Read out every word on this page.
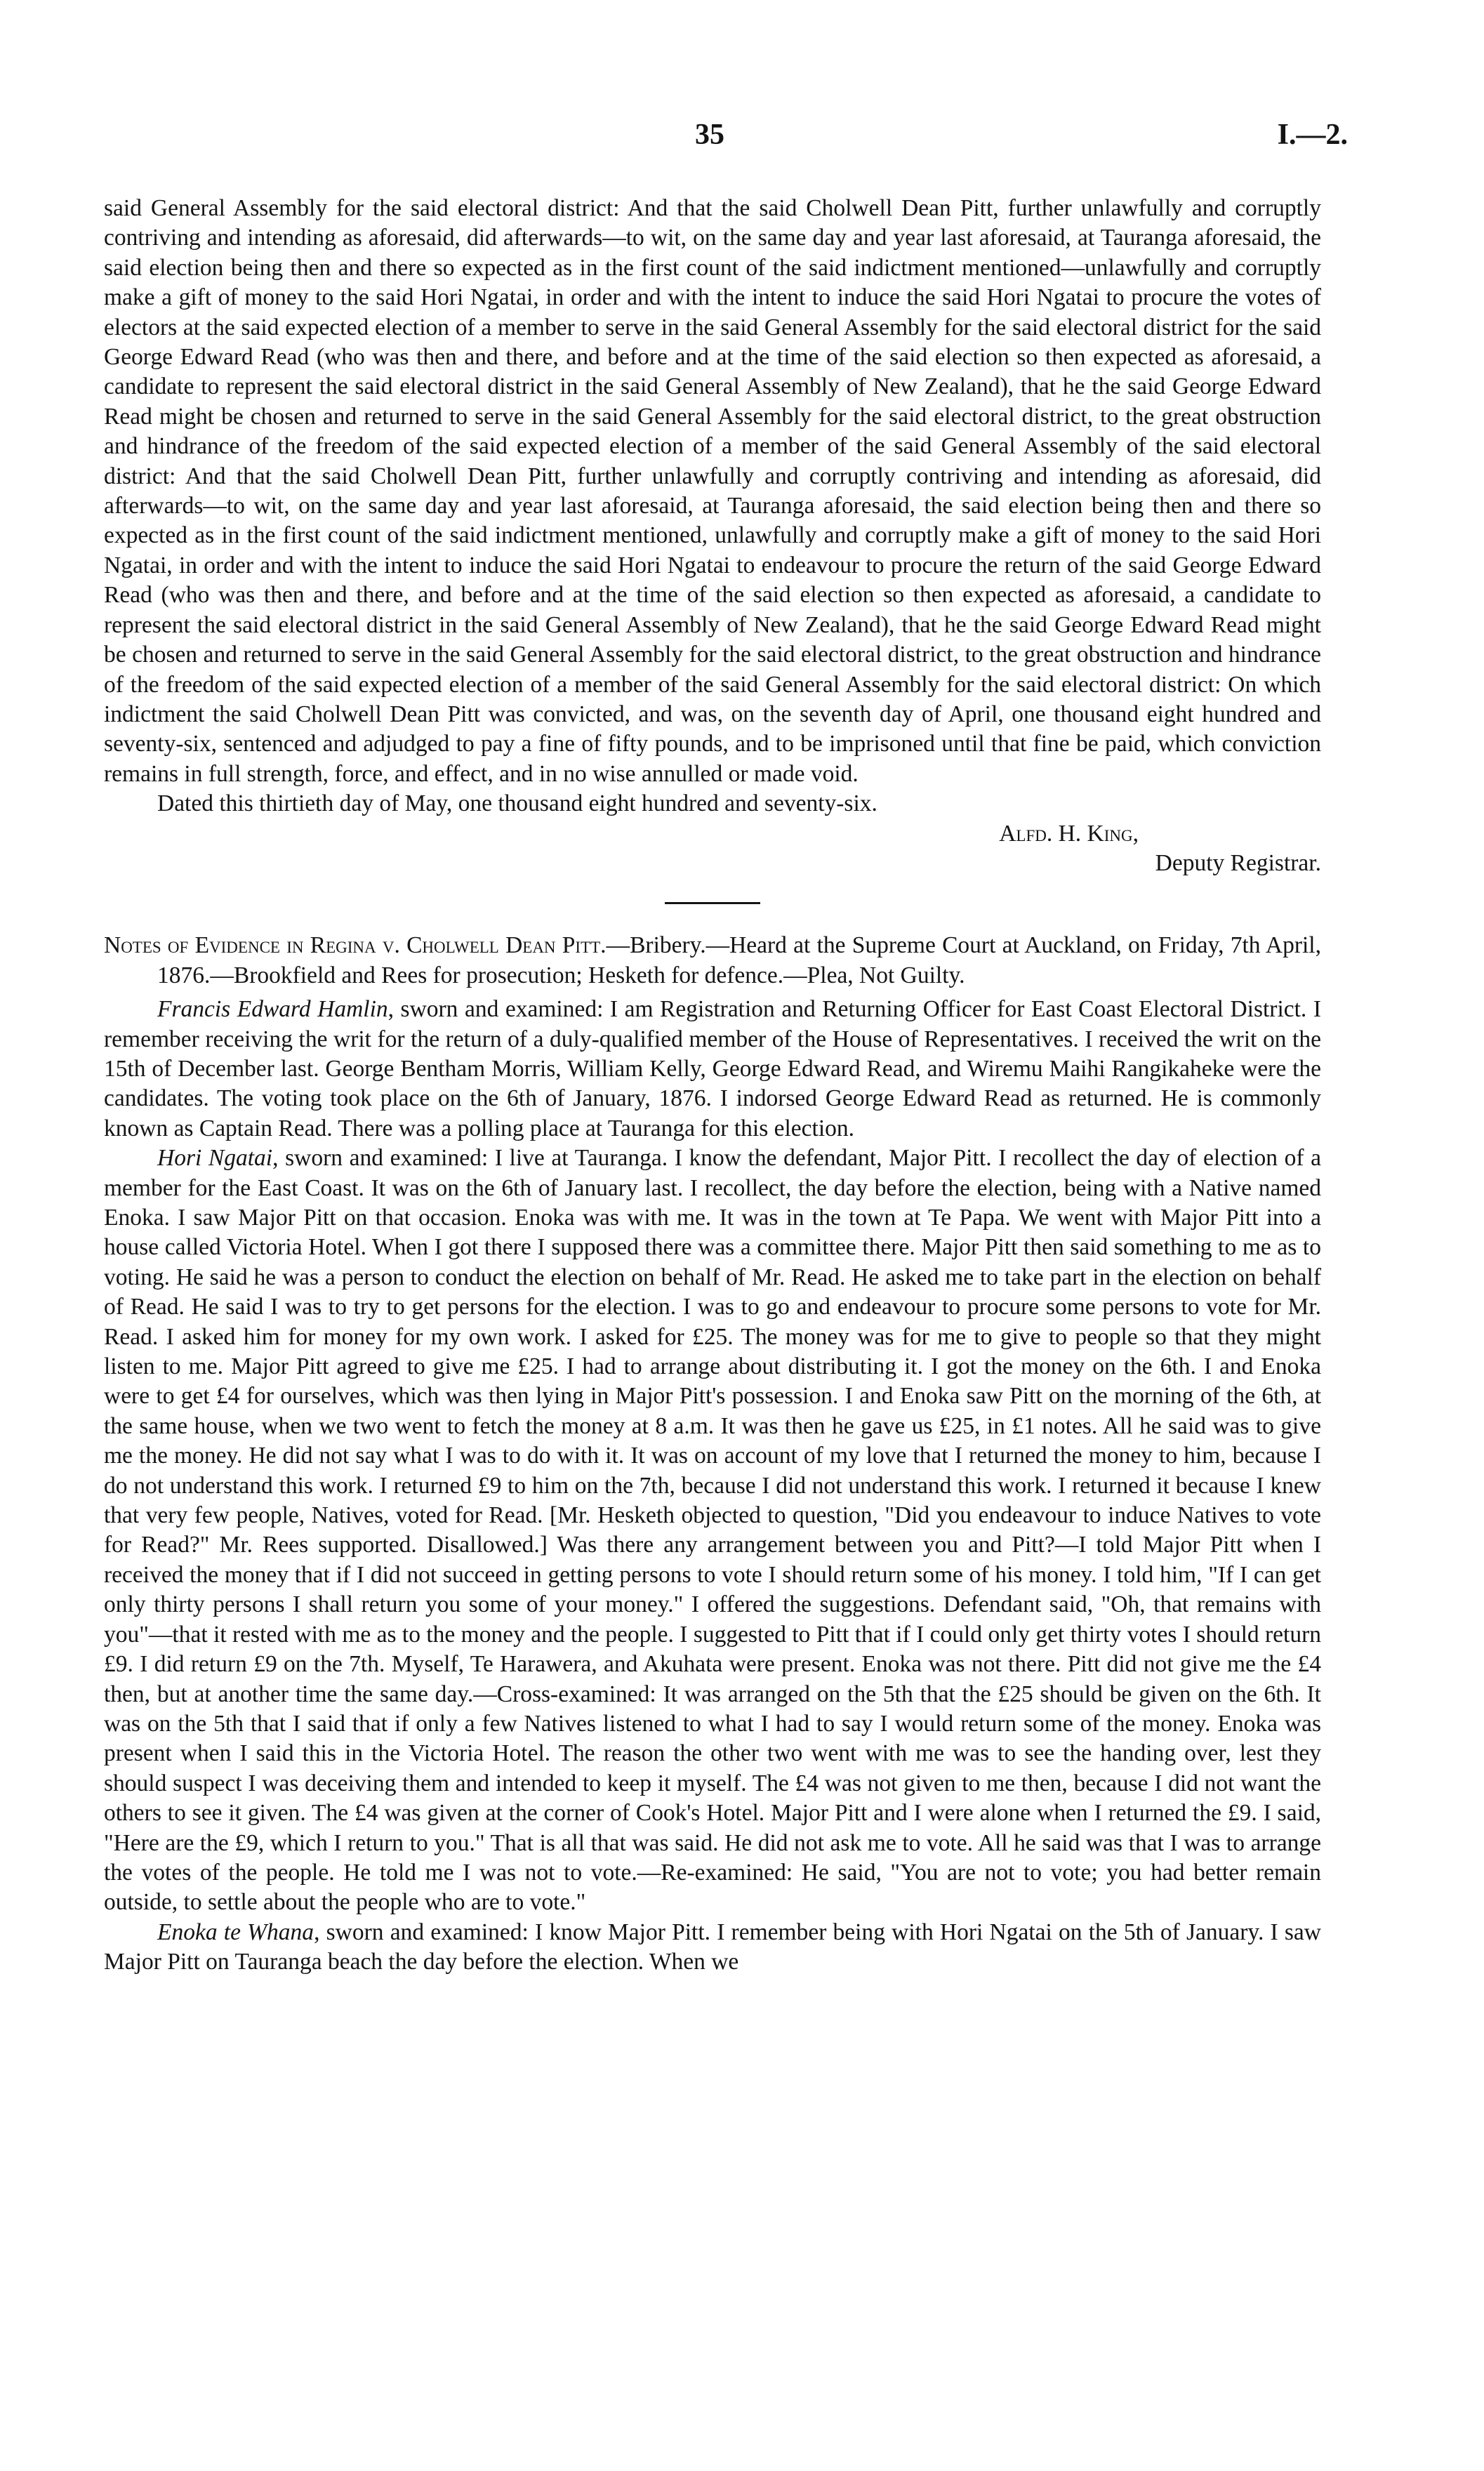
35	I.—2.

said General Assembly for the said electoral district: And that the said Cholwell Dean Pitt, further unlawfully and corruptly contriving and intending as aforesaid, did afterwards—to wit, on the same day and year last aforesaid, at Tauranga aforesaid, the said election being then and there so expected as in the first count of the said indictment mentioned—unlawfully and corruptly make a gift of money to the said Hori Ngatai, in order and with the intent to induce the said Hori Ngatai to procure the votes of electors at the said expected election of a member to serve in the said General Assembly for the said electoral district for the said George Edward Read (who was then and there, and before and at the time of the said election so then expected as aforesaid, a candidate to represent the said electoral district in the said General Assembly of New Zealand), that he the said George Edward Read might be chosen and returned to serve in the said General Assembly for the said electoral district, to the great obstruction and hindrance of the freedom of the said expected election of a member of the said General Assembly of the said electoral district: And that the said Cholwell Dean Pitt, further unlawfully and corruptly contriving and intending as aforesaid, did afterwards—to wit, on the same day and year last aforesaid, at Tauranga aforesaid, the said election being then and there so expected as in the first count of the said indictment mentioned, unlawfully and corruptly make a gift of money to the said Hori Ngatai, in order and with the intent to induce the said Hori Ngatai to endeavour to procure the return of the said George Edward Read (who was then and there, and before and at the time of the said election so then expected as aforesaid, a candidate to represent the said electoral district in the said General Assembly of New Zealand), that he the said George Edward Read might be chosen and returned to serve in the said General Assembly for the said electoral district, to the great obstruction and hindrance of the freedom of the said expected election of a member of the said General Assembly for the said electoral district: On which indictment the said Cholwell Dean Pitt was convicted, and was, on the seventh day of April, one thousand eight hundred and seventy-six, sentenced and adjudged to pay a fine of fifty pounds, and to be imprisoned until that fine be paid, which conviction remains in full strength, force, and effect, and in no wise annulled or made void.

Dated this thirtieth day of May, one thousand eight hundred and seventy-six.

Alfd. H. King,
Deputy Registrar.

Notes of Evidence in Regina v. Cholwell Dean Pitt.—Bribery.—Heard at the Supreme Court at Auckland, on Friday, 7th April, 1876.—Brookfield and Rees for prosecution; Hesketh for defence.—Plea, Not Guilty.

Francis Edward Hamlin, sworn and examined: I am Registration and Returning Officer for East Coast Electoral District. I remember receiving the writ for the return of a duly-qualified member of the House of Representatives. I received the writ on the 15th of December last. George Bentham Morris, William Kelly, George Edward Read, and Wiremu Maihi Rangikaheke were the candidates. The voting took place on the 6th of January, 1876. I indorsed George Edward Read as returned. He is commonly known as Captain Read. There was a polling place at Tauranga for this election.

Hori Ngatai, sworn and examined: I live at Tauranga. I know the defendant, Major Pitt. I recollect the day of election of a member for the East Coast. It was on the 6th of January last. I recollect, the day before the election, being with a Native named Enoka. I saw Major Pitt on that occasion. Enoka was with me. It was in the town at Te Papa. We went with Major Pitt into a house called Victoria Hotel. When I got there I supposed there was a committee there. Major Pitt then said something to me as to voting. He said he was a person to conduct the election on behalf of Mr. Read. He asked me to take part in the election on behalf of Read. He said I was to try to get persons for the election. I was to go and endeavour to procure some persons to vote for Mr. Read. I asked him for money for my own work. I asked for £25. The money was for me to give to people so that they might listen to me. Major Pitt agreed to give me £25. I had to arrange about distributing it. I got the money on the 6th. I and Enoka were to get £4 for ourselves, which was then lying in Major Pitt's possession. I and Enoka saw Pitt on the morning of the 6th, at the same house, when we two went to fetch the money at 8 a.m. It was then he gave us £25, in £1 notes. All he said was to give me the money. He did not say what I was to do with it. It was on account of my love that I returned the money to him, because I do not understand this work. I returned £9 to him on the 7th, because I did not understand this work. I returned it because I knew that very few people, Natives, voted for Read. [Mr. Hesketh objected to question, "Did you endeavour to induce Natives to vote for Read?" Mr. Rees supported. Disallowed.] Was there any arrangement between you and Pitt?—I told Major Pitt when I received the money that if I did not succeed in getting persons to vote I should return some of his money. I told him, "If I can get only thirty persons I shall return you some of your money." I offered the suggestions. Defendant said, "Oh, that remains with you"—that it rested with me as to the money and the people. I suggested to Pitt that if I could only get thirty votes I should return £9. I did return £9 on the 7th. Myself, Te Harawera, and Akuhata were present. Enoka was not there. Pitt did not give me the £4 then, but at another time the same day.—Cross-examined: It was arranged on the 5th that the £25 should be given on the 6th. It was on the 5th that I said that if only a few Natives listened to what I had to say I would return some of the money. Enoka was present when I said this in the Victoria Hotel. The reason the other two went with me was to see the handing over, lest they should suspect I was deceiving them and intended to keep it myself. The £4 was not given to me then, because I did not want the others to see it given. The £4 was given at the corner of Cook's Hotel. Major Pitt and I were alone when I returned the £9. I said, "Here are the £9, which I return to you." That is all that was said. He did not ask me to vote. All he said was that I was to arrange the votes of the people. He told me I was not to vote.—Re-examined: He said, "You are not to vote; you had better remain outside, to settle about the people who are to vote."

Enoka te Whana, sworn and examined: I know Major Pitt. I remember being with Hori Ngatai on the 5th of January. I saw Major Pitt on Tauranga beach the day before the election. When we
